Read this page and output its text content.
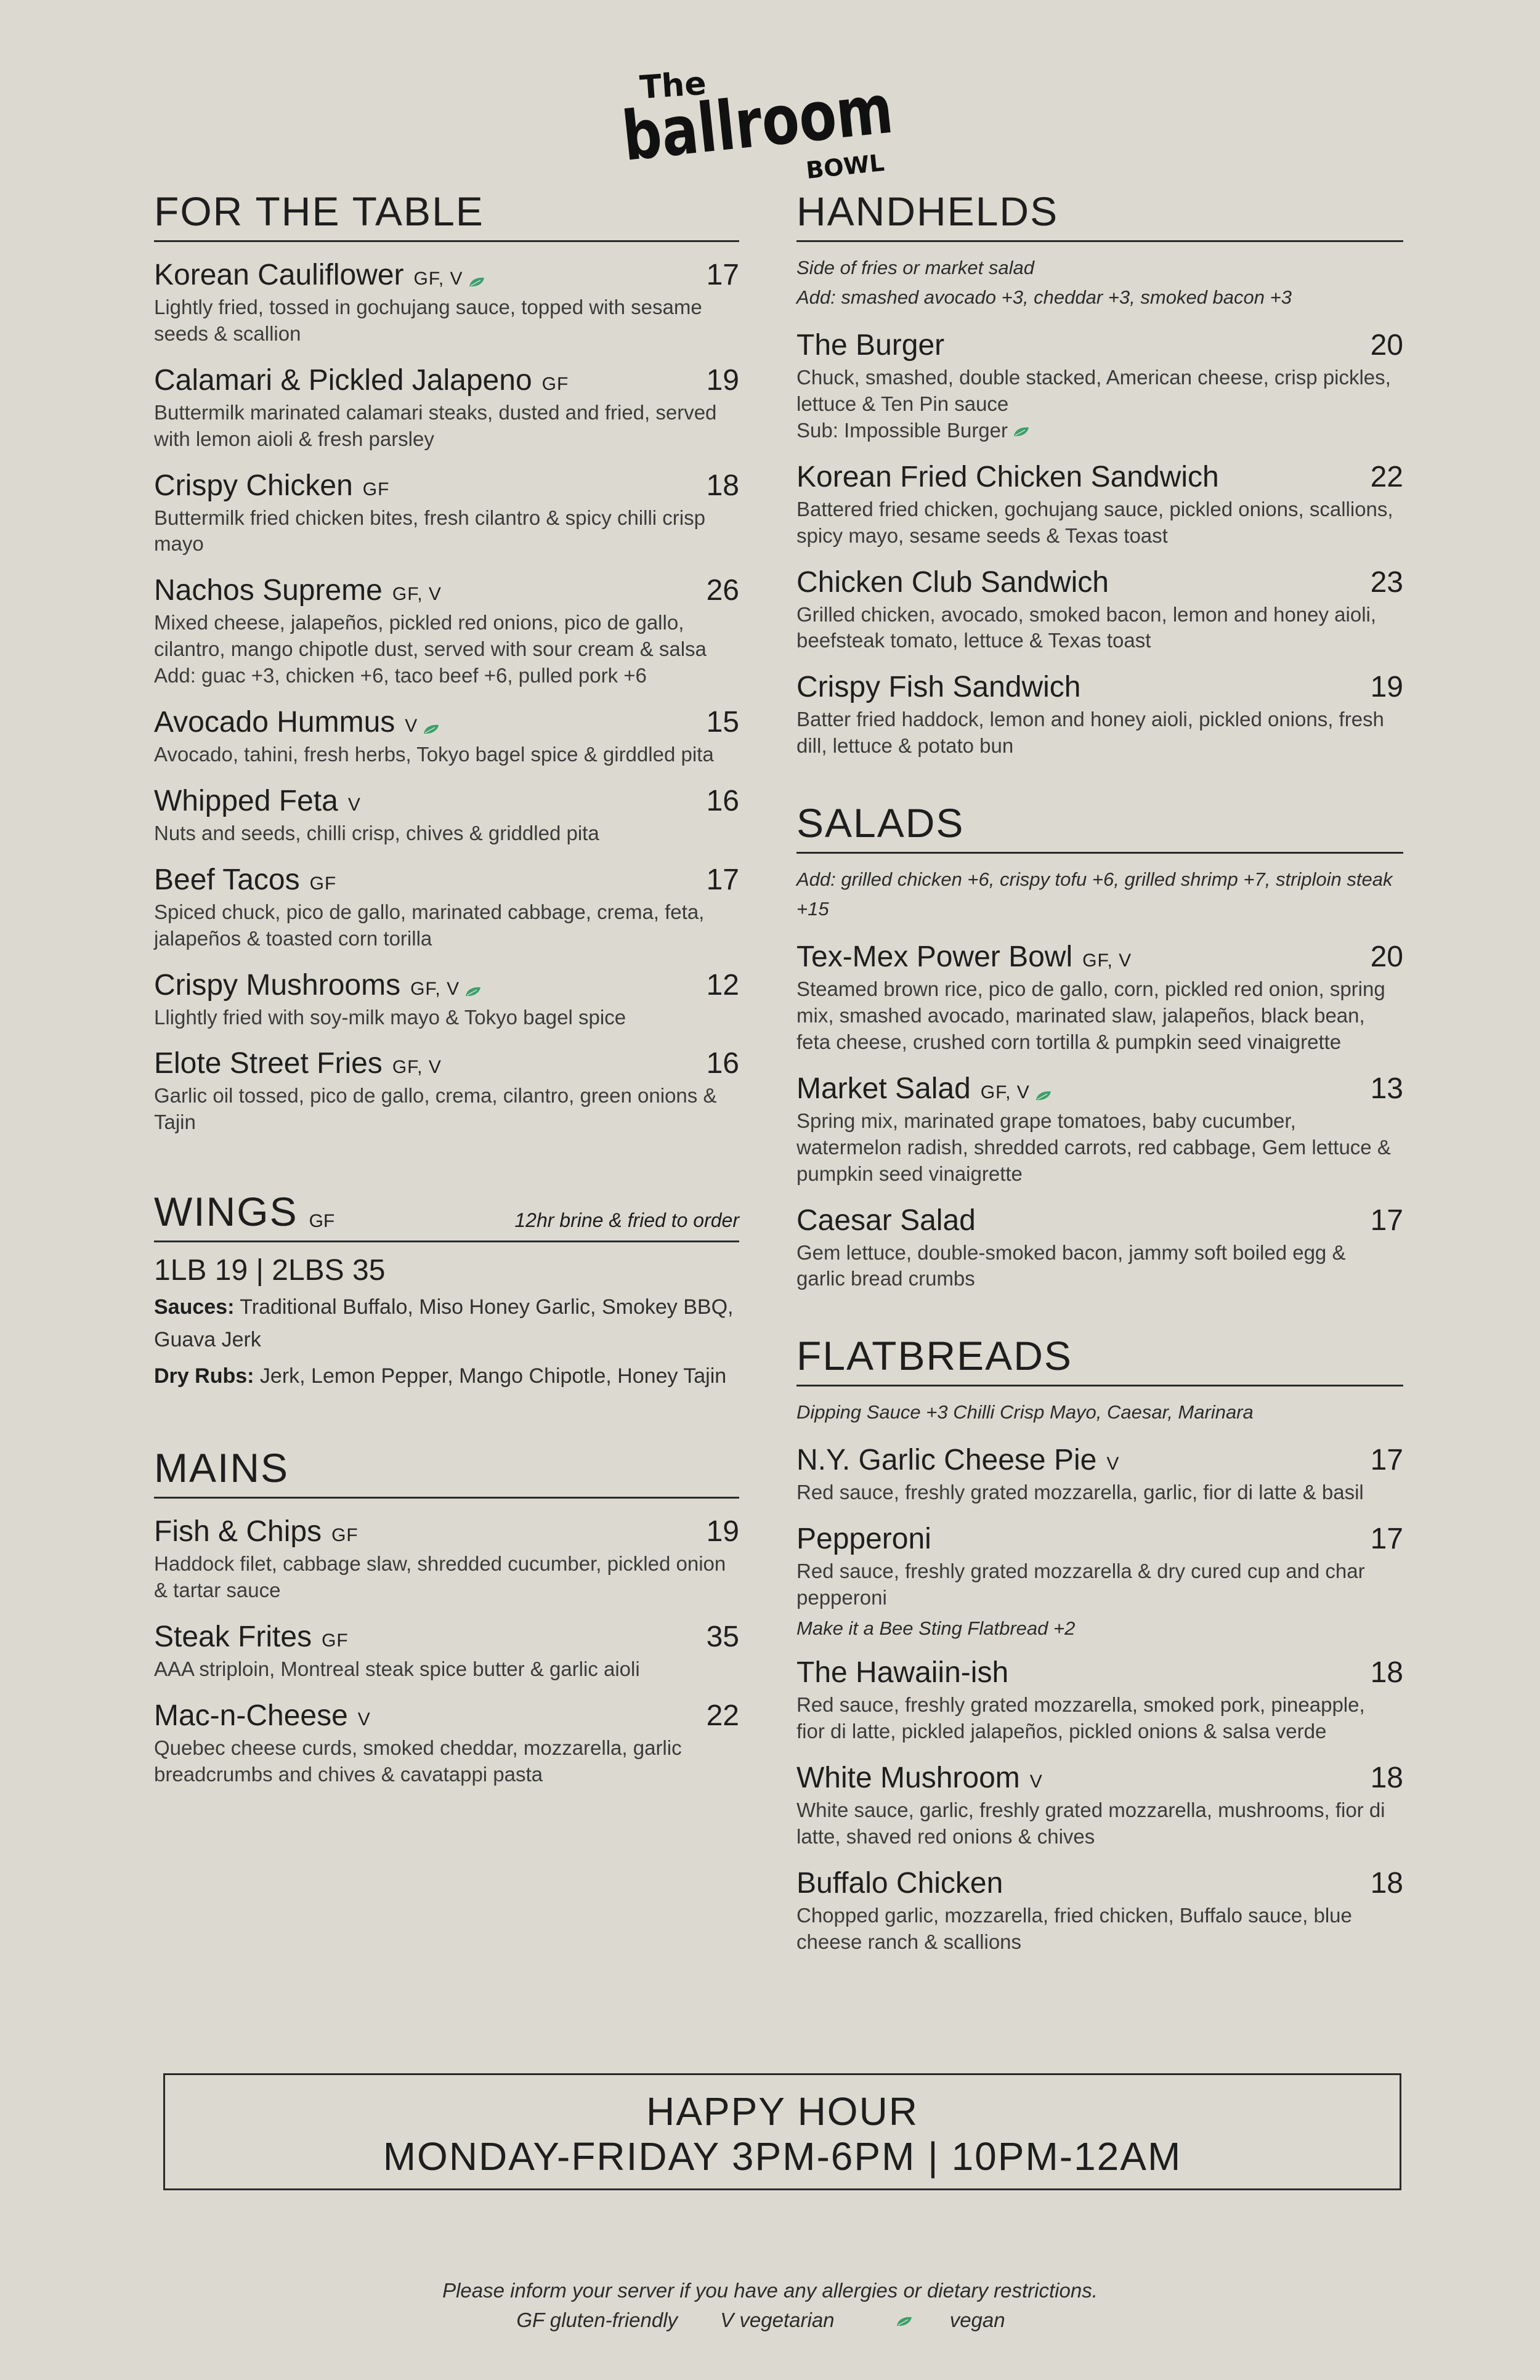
The
ballroom
BOWL
FOR THE TABLE
Korean Cauliflower GF, V	17
Lightly fried, tossed in gochujang sauce, topped with sesame seeds & scallion
Calamari & Pickled Jalapeno GF	19
Buttermilk marinated calamari steaks, dusted and fried, served with lemon aioli & fresh parsley
Crispy Chicken GF	18
Buttermilk fried chicken bites, fresh cilantro & spicy chilli crisp mayo
Nachos Supreme GF, V	26
Mixed cheese, jalapeños, pickled red onions, pico de gallo, cilantro, mango chipotle dust, served with sour cream & salsa
Add: guac +3, chicken +6, taco beef +6, pulled pork +6
Avocado Hummus V	15
Avocado, tahini, fresh herbs, Tokyo bagel spice & girddled pita
Whipped Feta V	16
Nuts and seeds, chilli crisp, chives & griddled pita
Beef Tacos GF	17
Spiced chuck, pico de gallo, marinated cabbage, crema, feta, jalapeños & toasted corn torilla
Crispy Mushrooms GF, V	12
Llightly fried with soy-milk mayo & Tokyo bagel spice
Elote Street Fries GF, V	16
Garlic oil tossed, pico de gallo, crema, cilantro, green onions & Tajin
WINGS GF	12hr brine & fried to order
1LB 19 | 2LBS 35
Sauces: Traditional Buffalo, Miso Honey Garlic, Smokey BBQ, Guava Jerk
Dry Rubs: Jerk, Lemon Pepper, Mango Chipotle, Honey Tajin
MAINS
Fish & Chips GF	19
Haddock filet, cabbage slaw, shredded cucumber, pickled onion & tartar sauce
Steak Frites GF	35
AAA striploin, Montreal steak spice butter & garlic aioli
Mac-n-Cheese V	22
Quebec cheese curds, smoked cheddar, mozzarella, garlic breadcrumbs and chives & cavatappi pasta
HANDHELDS
Side of fries or market salad
Add: smashed avocado +3, cheddar +3, smoked bacon +3
The Burger	20
Chuck, smashed, double stacked, American cheese, crisp pickles, lettuce & Ten Pin sauce
Sub: Impossible Burger
Korean Fried Chicken Sandwich	22
Battered fried chicken, gochujang sauce, pickled onions, scallions, spicy mayo, sesame seeds & Texas toast
Chicken Club Sandwich	23
Grilled chicken, avocado, smoked bacon, lemon and honey aioli, beefsteak tomato, lettuce & Texas toast
Crispy Fish Sandwich	19
Batter fried haddock, lemon and honey aioli, pickled onions, fresh dill, lettuce & potato bun
SALADS
Add: grilled chicken +6, crispy tofu +6, grilled shrimp +7, striploin steak +15
Tex-Mex Power Bowl GF, V	20
Steamed brown rice, pico de gallo, corn, pickled red onion, spring mix, smashed avocado, marinated slaw, jalapeños, black bean, feta cheese, crushed corn tortilla & pumpkin seed vinaigrette
Market Salad GF, V	13
Spring mix, marinated grape tomatoes, baby cucumber, watermelon radish, shredded carrots, red cabbage, Gem lettuce & pumpkin seed vinaigrette
Caesar Salad	17
Gem lettuce, double-smoked bacon, jammy soft boiled egg & garlic bread crumbs
FLATBREADS
Dipping Sauce +3 Chilli Crisp Mayo, Caesar, Marinara
N.Y. Garlic Cheese Pie V	17
Red sauce, freshly grated mozzarella, garlic, fior di latte & basil
Pepperoni	17
Red sauce, freshly grated mozzarella & dry cured cup and char pepperoni
Make it a Bee Sting Flatbread +2
The Hawaiin-ish	18
Red sauce, freshly grated mozzarella, smoked pork, pineapple, fior di latte, pickled jalapeños, pickled onions & salsa verde
White Mushroom V	18
White sauce, garlic, freshly grated mozzarella, mushrooms, fior di latte, shaved red onions & chives
Buffalo Chicken	18
Chopped garlic, mozzarella, fried chicken, Buffalo sauce, blue cheese ranch & scallions
HAPPY HOUR
MONDAY-FRIDAY 3PM-6PM | 10PM-12AM
Please inform your server if you have any allergies or dietary restrictions.
GF gluten-friendly V vegetarian	vegan
